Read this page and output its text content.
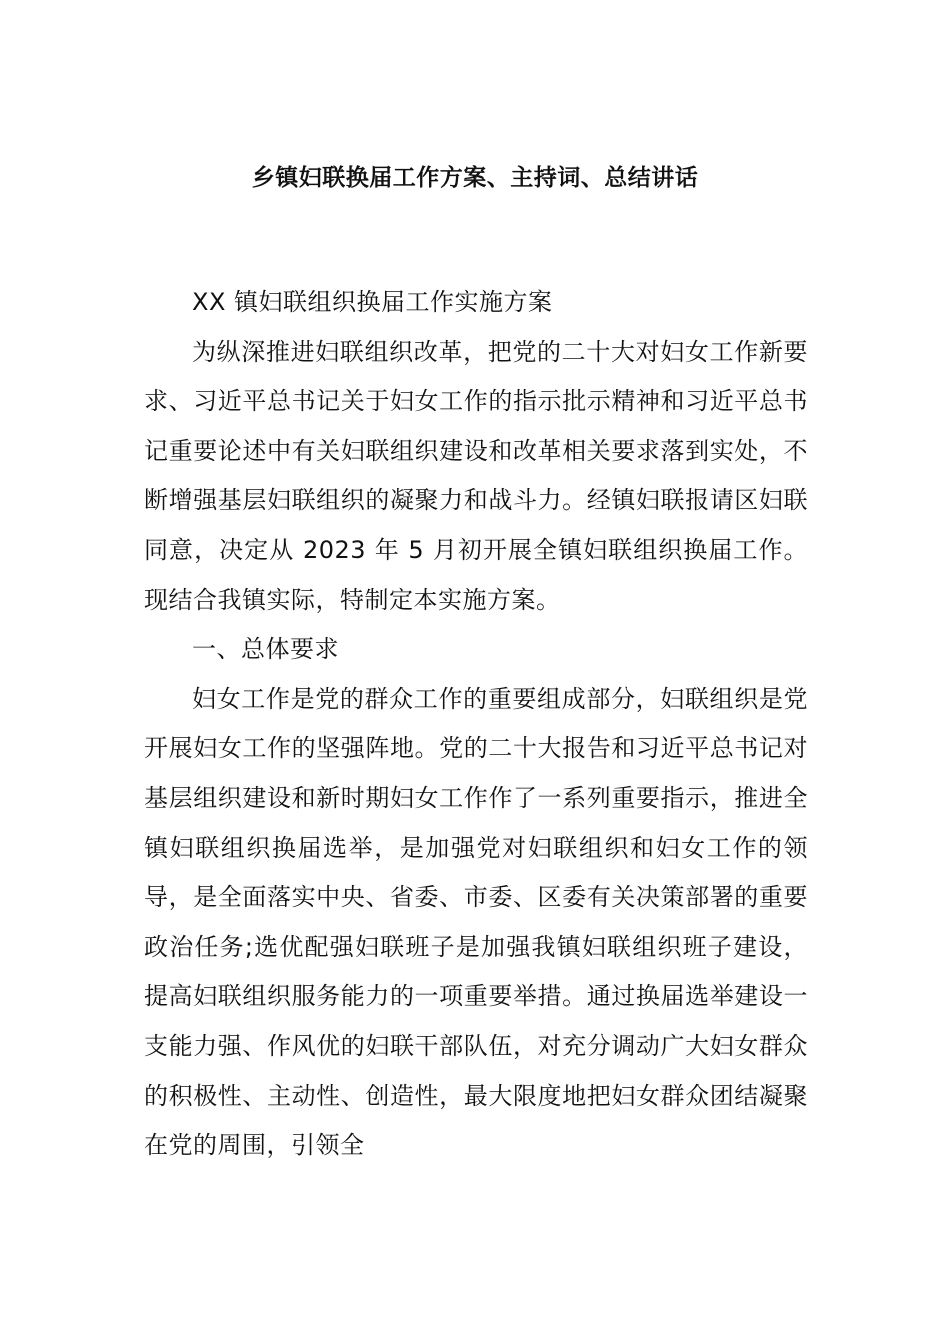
乡镇妇联换届工作方案、主持词、总结讲话

XX 镇妇联组织换届工作实施方案

为纵深推进妇联组织改革，把党的二十大对妇女工作新要求、习近平总书记关于妇女工作的指示批示精神和习近平总书记重要论述中有关妇联组织建设和改革相关要求落到实处，不断增强基层妇联组织的凝聚力和战斗力。经镇妇联报请区妇联同意，决定从 2023 年 5 月初开展全镇妇联组织换届工作。现结合我镇实际，特制定本实施方案。

一、总体要求

妇女工作是党的群众工作的重要组成部分，妇联组织是党开展妇女工作的坚强阵地。党的二十大报告和习近平总书记对基层组织建设和新时期妇女工作作了一系列重要指示，推进全镇妇联组织换届选举，是加强党对妇联组织和妇女工作的领导，是全面落实中央、省委、市委、区委有关决策部署的重要政治任务;选优配强妇联班子是加强我镇妇联组织班子建设，提高妇联组织服务能力的一项重要举措。通过换届选举建设一支能力强、作风优的妇联干部队伍，对充分调动广大妇女群众的积极性、主动性、创造性，最大限度地把妇女群众团结凝聚在党的周围，引领全
